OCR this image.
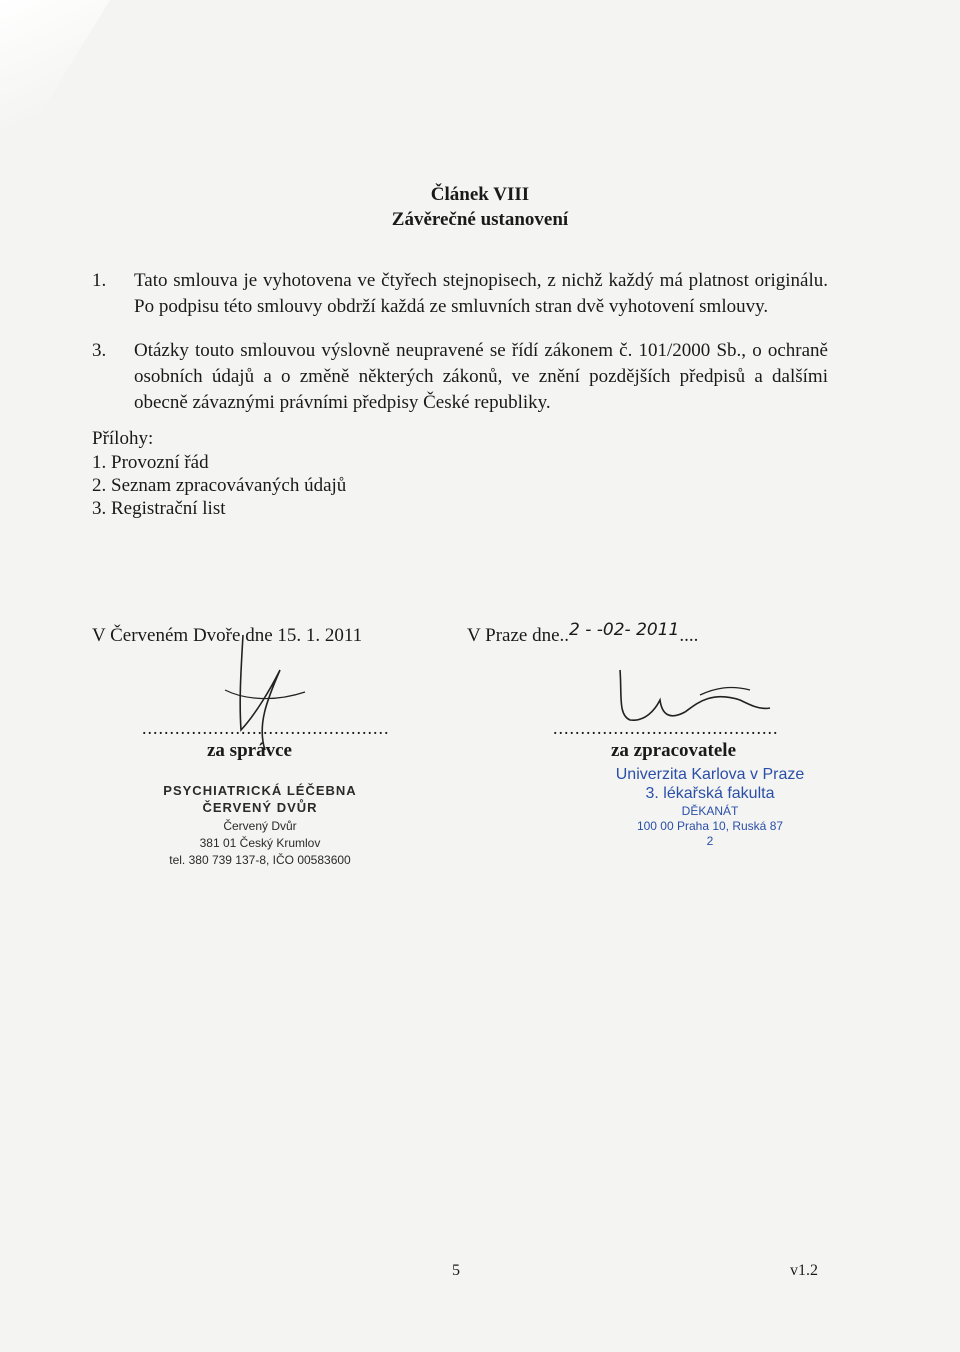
Článek VIII
Závěrečné ustanovení
1. Tato smlouva je vyhotovena ve čtyřech stejnopisech, z nichž každý má platnost originálu. Po podpisu této smlouvy obdrží každá ze smluvních stran dvě vyhotovení smlouvy.
3. Otázky touto smlouvou výslovně neupravené se řídí zákonem č. 101/2000 Sb., o ochraně osobních údajů a o změně některých zákonů, ve znění pozdějších předpisů a dalšími obecně závaznými právními předpisy České republiky.
Přílohy:
1. Provozní řád
2. Seznam zpracovávaných údajů
3. Registrační list
V Červeném Dvoře dne 15. 1. 2011	V Praze dne..2 - -02- 2011....
.............................................	.........................................
za správce	za zpracovatele
PSYCHIATRICKÁ LÉČEBNA
ČERVENÝ DVŮR
Červený Dvůr
381 01 Český Krumlov
tel. 380 739 137-8, IČO 00583600
Univerzita Karlova v Praze
3. lékařská fakulta
DĚKANÁT
100 00 Praha 10, Ruská 87
2
5	v1.2
